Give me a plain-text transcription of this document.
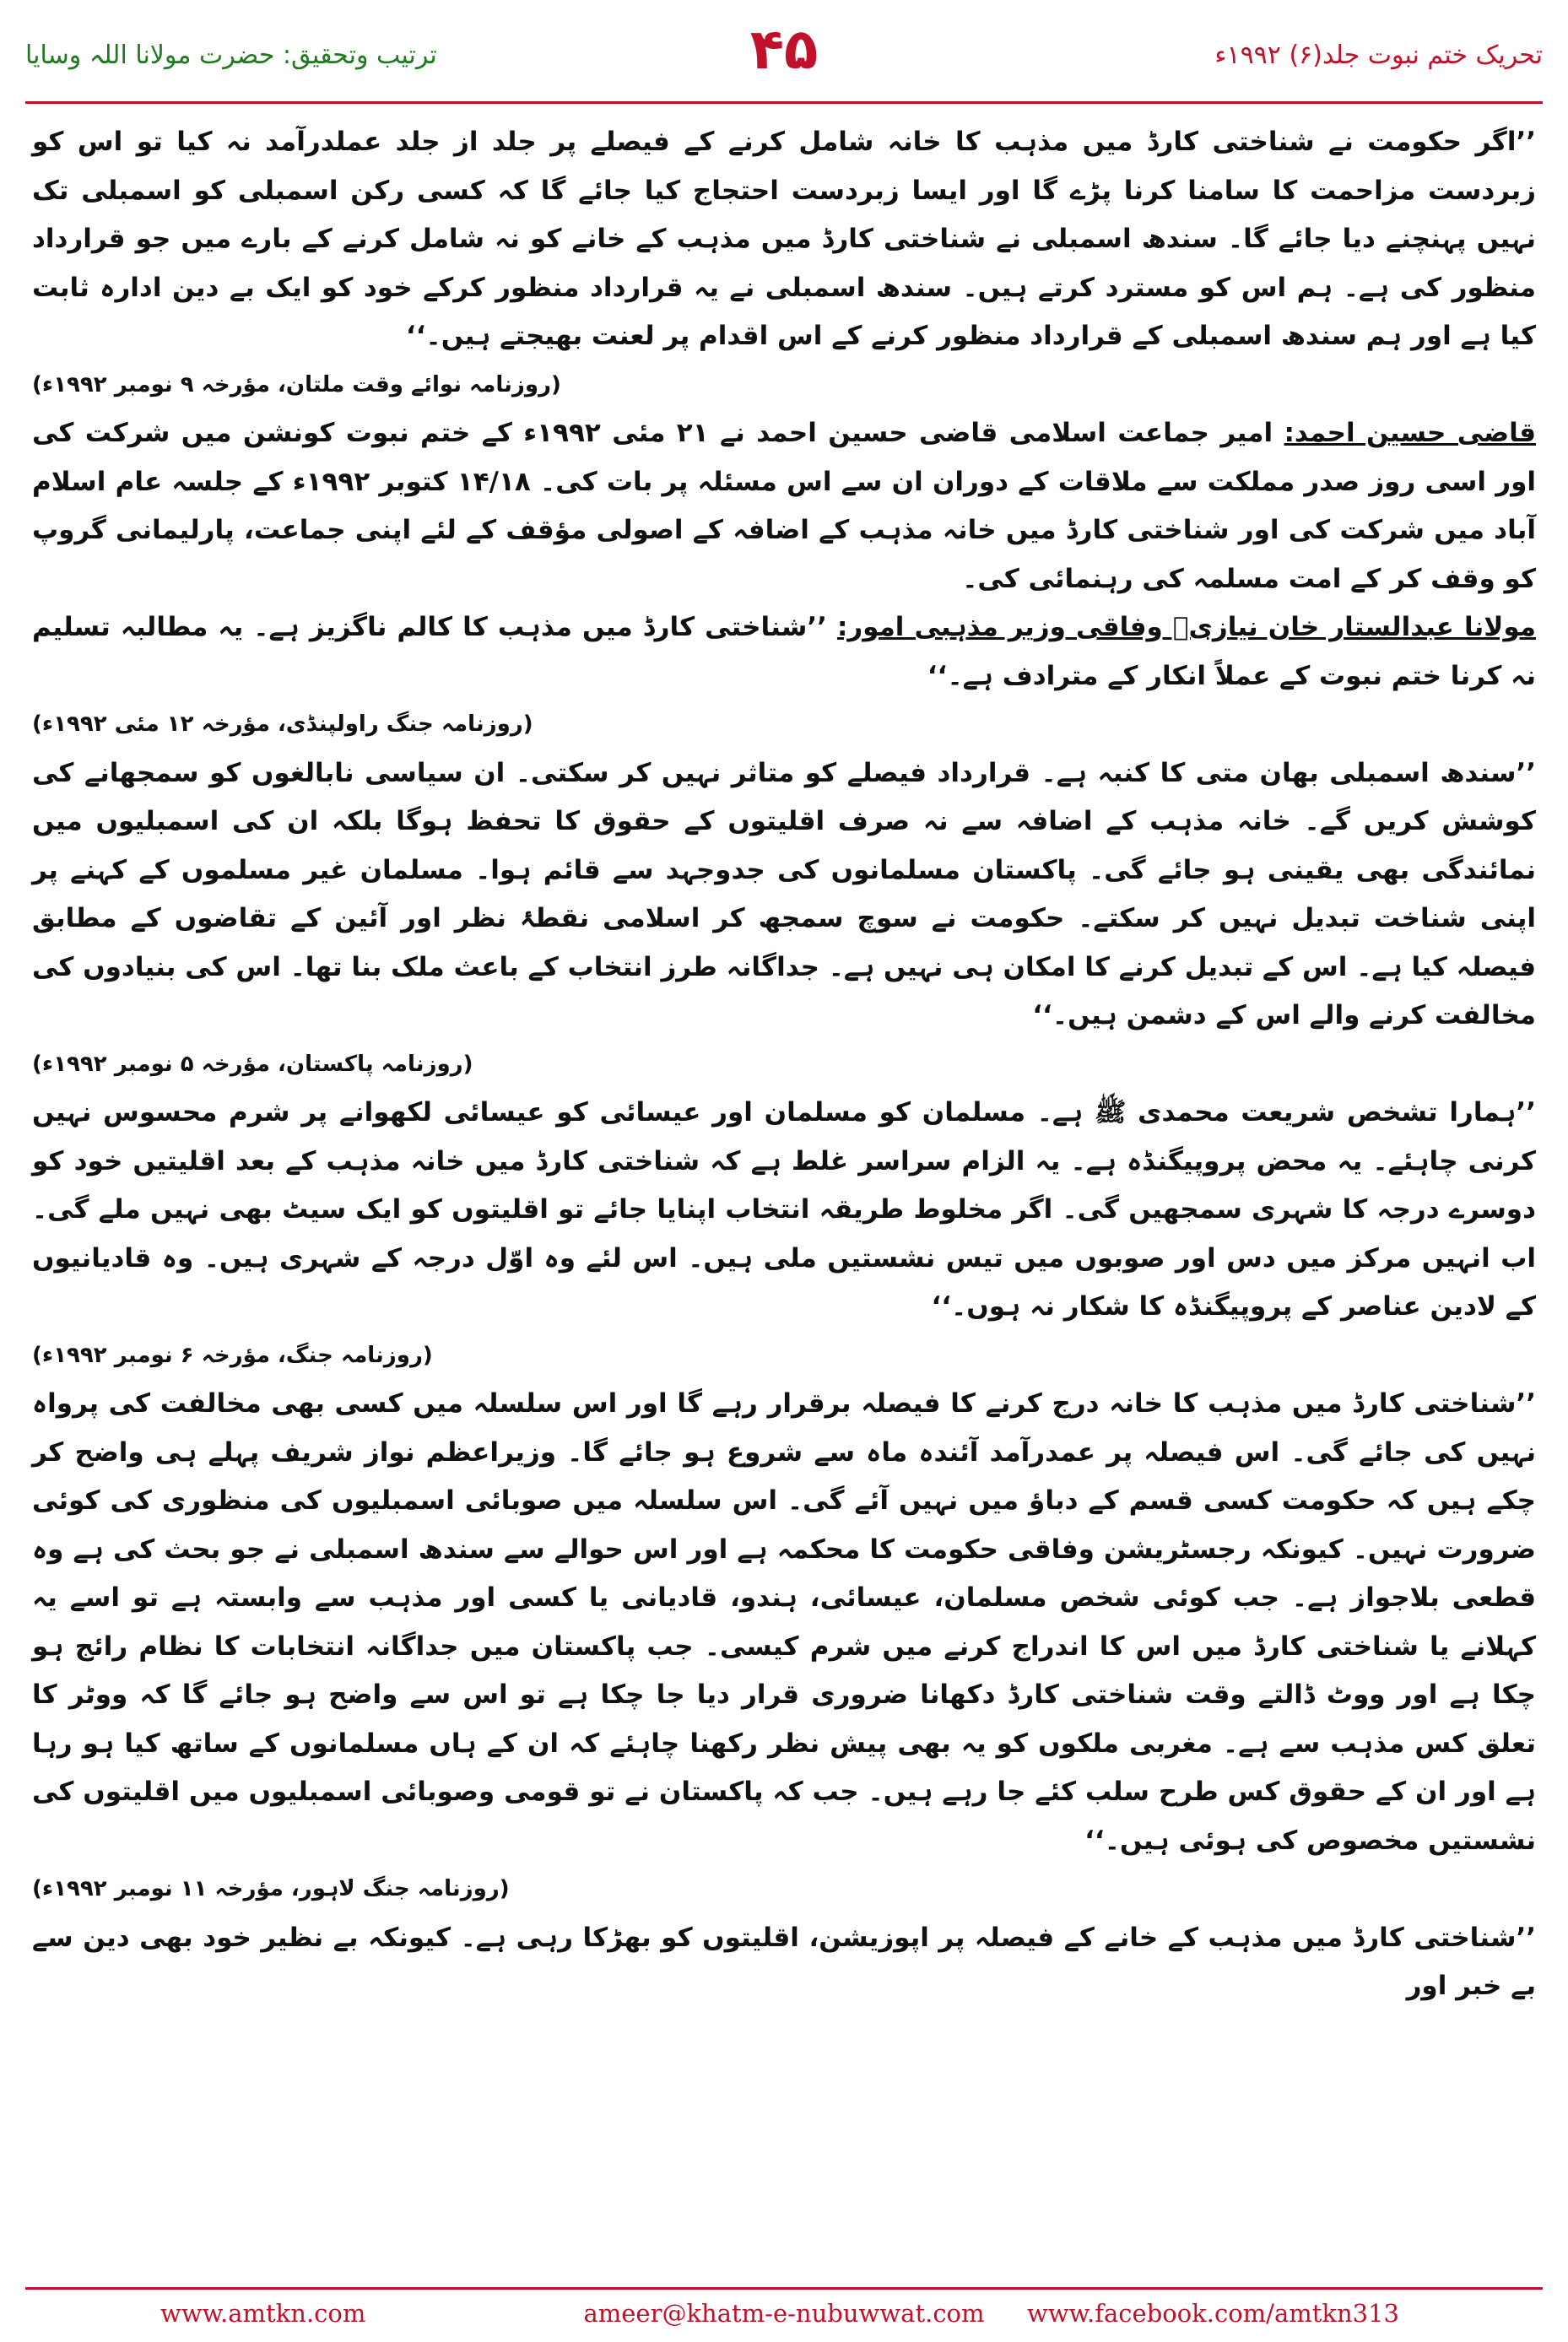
ترتیب وتحقیق: حضرت مولانا اللہ وسایا	۴۵	تحریک ختم نبوت جلد(۶) ۱۹۹۲ء

’’اگر حکومت نے شناختی کارڈ میں مذہب کا خانہ شامل کرنے کے فیصلے پر جلد از جلد عملدرآمد نہ کیا تو اس کو زبردست مزاحمت کا سامنا کرنا پڑے گا اور ایسا زبردست احتجاج کیا جائے گا کہ کسی رکن اسمبلی کو اسمبلی تک نہیں پہنچنے دیا جائے گا۔ سندھ اسمبلی نے شناختی کارڈ میں مذہب کے خانے کو نہ شامل کرنے کے بارے میں جو قرارداد منظور کی ہے۔ ہم اس کو مسترد کرتے ہیں۔ سندھ اسمبلی نے یہ قرارداد منظور کرکے خود کو ایک بے دین ادارہ ثابت کیا ہے اور ہم سندھ اسمبلی کے قرارداد منظور کرنے کے اس اقدام پر لعنت بھیجتے ہیں۔‘‘

(روزنامہ نوائے وقت ملتان، مؤرخہ ۹ نومبر ۱۹۹۲ء)

قاضی حسین احمد: امیر جماعت اسلامی قاضی حسین احمد نے ۲۱ مئی ۱۹۹۲ء کے ختم نبوت کونشن میں شرکت کی اور اسی روز صدر مملکت سے ملاقات کے دوران ان سے اس مسئلہ پر بات کی۔ ۱۴/۱۸ کتوبر ۱۹۹۲ء کے جلسہ عام اسلام آباد میں شرکت کی اور شناختی کارڈ میں خانہ مذہب کے اضافہ کے اصولی مؤقف کے لئے اپنی جماعت، پارلیمانی گروپ کو وقف کر کے امت مسلمہ کی رہنمائی کی۔

مولانا عبدالستار خان نیازیؒ وفاقی وزیر مذہبی امور: ’’شناختی کارڈ میں مذہب کا کالم ناگزیز ہے۔ یہ مطالبہ تسلیم نہ کرنا ختم نبوت کے عملاً انکار کے مترادف ہے۔‘‘

(روزنامہ جنگ راولپنڈی، مؤرخہ ۱۲ مئی ۱۹۹۲ء)

’’سندھ اسمبلی بھان متی کا کنبہ ہے۔ قرارداد فیصلے کو متاثر نہیں کر سکتی۔ ان سیاسی نابالغوں کو سمجھانے کی کوشش کریں گے۔ خانہ مذہب کے اضافہ سے نہ صرف اقلیتوں کے حقوق کا تحفظ ہوگا بلکہ ان کی اسمبلیوں میں نمائندگی بھی یقینی ہو جائے گی۔ پاکستان مسلمانوں کی جدوجہد سے قائم ہوا۔ مسلمان غیر مسلموں کے کہنے پر اپنی شناخت تبدیل نہیں کر سکتے۔ حکومت نے سوچ سمجھ کر اسلامی نقطۂ نظر اور آئین کے تقاضوں کے مطابق فیصلہ کیا ہے۔ اس کے تبدیل کرنے کا امکان ہی نہیں ہے۔ جداگانہ طرز انتخاب کے باعث ملک بنا تھا۔ اس کی بنیادوں کی مخالفت کرنے والے اس کے دشمن ہیں۔‘‘

(روزنامہ پاکستان، مؤرخہ ۵ نومبر ۱۹۹۲ء)

’’ہمارا تشخص شریعت محمدی ﷺ ہے۔ مسلمان کو مسلمان اور عیسائی کو عیسائی لکھوانے پر شرم محسوس نہیں کرنی چاہئے۔ یہ محض پروپیگنڈہ ہے۔ یہ الزام سراسر غلط ہے کہ شناختی کارڈ میں خانہ مذہب کے بعد اقلیتیں خود کو دوسرے درجہ کا شہری سمجھیں گی۔ اگر مخلوط طریقہ انتخاب اپنایا جائے تو اقلیتوں کو ایک سیٹ بھی نہیں ملے گی۔ اب انہیں مرکز میں دس اور صوبوں میں تیس نشستیں ملی ہیں۔ اس لئے وہ اوّل درجہ کے شہری ہیں۔ وہ قادیانیوں کے لادین عناصر کے پروپیگنڈہ کا شکار نہ ہوں۔‘‘

(روزنامہ جنگ، مؤرخہ ۶ نومبر ۱۹۹۲ء)

’’شناختی کارڈ میں مذہب کا خانہ درج کرنے کا فیصلہ برقرار رہے گا اور اس سلسلہ میں کسی بھی مخالفت کی پرواہ نہیں کی جائے گی۔ اس فیصلہ پر عمدرآمد آئندہ ماہ سے شروع ہو جائے گا۔ وزیراعظم نواز شریف پہلے ہی واضح کر چکے ہیں کہ حکومت کسی قسم کے دباؤ میں نہیں آئے گی۔ اس سلسلہ میں صوبائی اسمبلیوں کی منظوری کی کوئی ضرورت نہیں۔ کیونکہ رجسٹریشن وفاقی حکومت کا محکمہ ہے اور اس حوالے سے سندھ اسمبلی نے جو بحث کی ہے وہ قطعی بلاجواز ہے۔ جب کوئی شخص مسلمان، عیسائی، ہندو، قادیانی یا کسی اور مذہب سے وابستہ ہے تو اسے یہ کہلانے یا شناختی کارڈ میں اس کا اندراج کرنے میں شرم کیسی۔ جب پاکستان میں جداگانہ انتخابات کا نظام رائج ہو چکا ہے اور ووٹ ڈالتے وقت شناختی کارڈ دکھانا ضروری قرار دیا جا چکا ہے تو اس سے واضح ہو جائے گا کہ ووٹر کا تعلق کس مذہب سے ہے۔ مغربی ملکوں کو یہ بھی پیش نظر رکھنا چاہئے کہ ان کے ہاں مسلمانوں کے ساتھ کیا ہو رہا ہے اور ان کے حقوق کس طرح سلب کئے جا رہے ہیں۔ جب کہ پاکستان نے تو قومی وصوبائی اسمبلیوں میں اقلیتوں کی نشستیں مخصوص کی ہوئی ہیں۔‘‘

(روزنامہ جنگ لاہور، مؤرخہ ۱۱ نومبر ۱۹۹۲ء)

’’شناختی کارڈ میں مذہب کے خانے کے فیصلہ پر اپوزیشن، اقلیتوں کو بھڑکا رہی ہے۔ کیونکہ بے نظیر خود بھی دین سے بے خبر اور

www.amtkn.com	ameer@khatm-e-nubuwwat.com www.facebook.com/amtkn313
